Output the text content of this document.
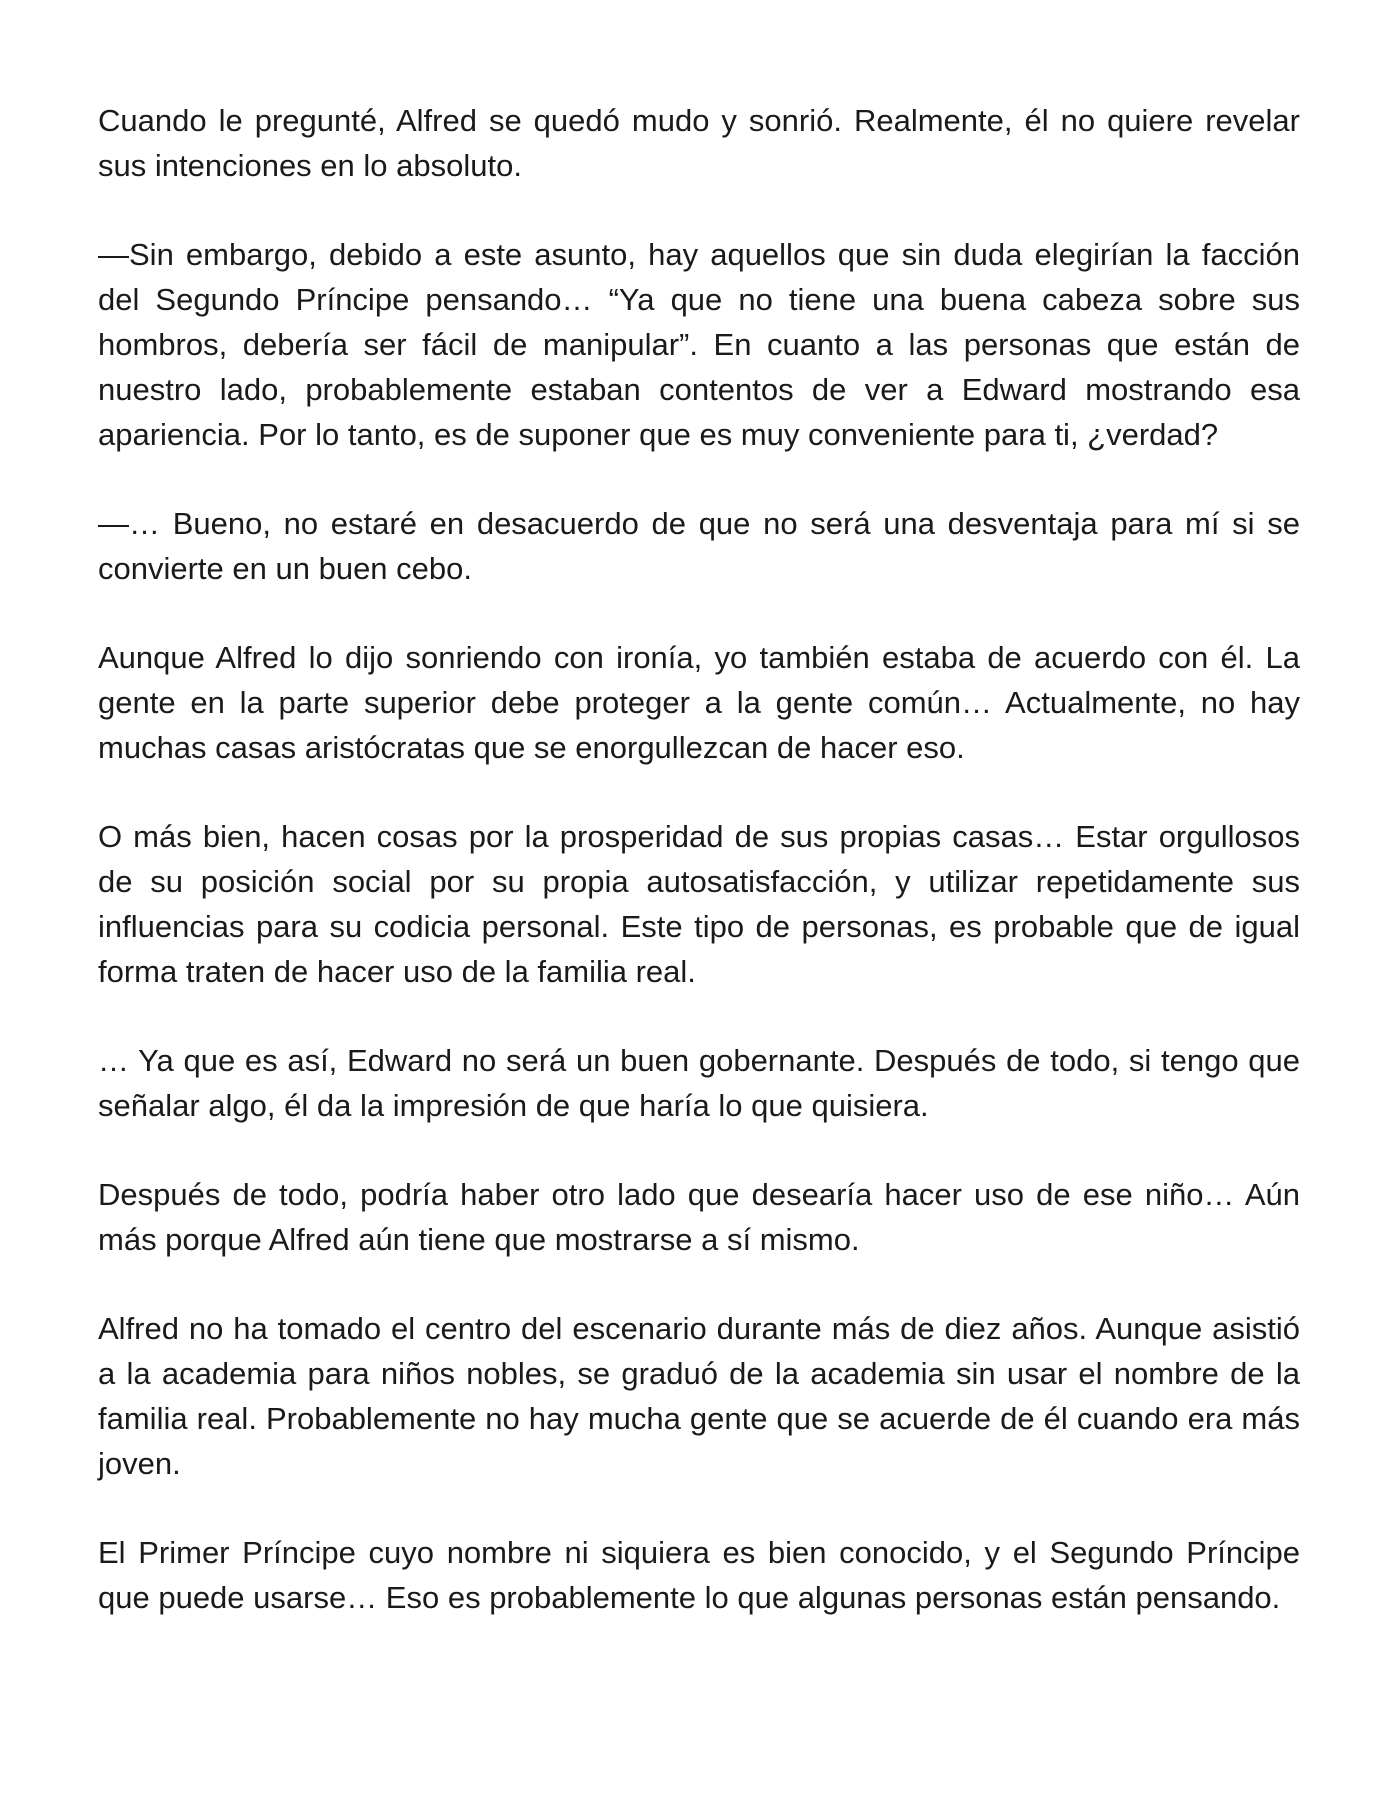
Cuando le pregunté, Alfred se quedó mudo y sonrió. Realmente, él no quiere revelar sus intenciones en lo absoluto.

—Sin embargo, debido a este asunto, hay aquellos que sin duda elegirían la facción del Segundo Príncipe pensando… “Ya que no tiene una buena cabeza sobre sus hombros, debería ser fácil de manipular”. En cuanto a las personas que están de nuestro lado, probablemente estaban contentos de ver a Edward mostrando esa apariencia. Por lo tanto, es de suponer que es muy conveniente para ti, ¿verdad?

—… Bueno, no estaré en desacuerdo de que no será una desventaja para mí si se convierte en un buen cebo.

Aunque Alfred lo dijo sonriendo con ironía, yo también estaba de acuerdo con él. La gente en la parte superior debe proteger a la gente común… Actualmente, no hay muchas casas aristócratas que se enorgullezcan de hacer eso.

O más bien, hacen cosas por la prosperidad de sus propias casas… Estar orgullosos de su posición social por su propia autosatisfacción, y utilizar repetidamente sus influencias para su codicia personal. Este tipo de personas, es probable que de igual forma traten de hacer uso de la familia real.

… Ya que es así, Edward no será un buen gobernante. Después de todo, si tengo que señalar algo, él da la impresión de que haría lo que quisiera.

Después de todo, podría haber otro lado que desearía hacer uso de ese niño… Aún más porque Alfred aún tiene que mostrarse a sí mismo.

Alfred no ha tomado el centro del escenario durante más de diez años. Aunque asistió a la academia para niños nobles, se graduó de la academia sin usar el nombre de la familia real. Probablemente no hay mucha gente que se acuerde de él cuando era más joven.

El Primer Príncipe cuyo nombre ni siquiera es bien conocido, y el Segundo Príncipe que puede usarse… Eso es probablemente lo que algunas personas están pensando.
